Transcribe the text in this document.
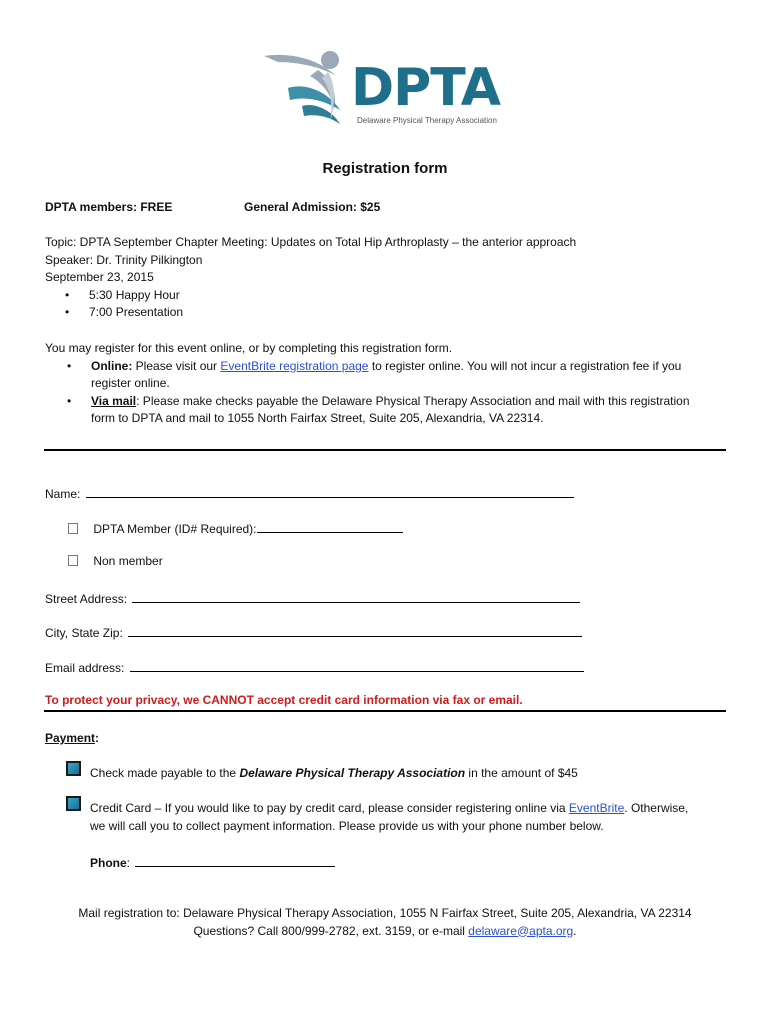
DPTA
Delaware Physical Therapy Association
Registration form
DPTA members: FREE	General Admission: $25
Topic: DPTA September Chapter Meeting: Updates on Total Hip Arthroplasty – the anterior approach
Speaker: Dr. Trinity Pilkington
September 23, 2015
• 5:30 Happy Hour
• 7:00 Presentation
You may register for this event online, or by completing this registration form.
• Online: Please visit our EventBrite registration page to register online. You will not incur a registration fee if you
register online.
• Via mail: Please make checks payable the Delaware Physical Therapy Association and mail with this registration
form to DPTA and mail to 1055 North Fairfax Street, Suite 205, Alexandria, VA 22314.
Name:
DPTA Member (ID# Required):
Non member
Street Address:
City, State Zip:
Email address:
To protect your privacy, we CANNOT accept credit card information via fax or email.
Payment:
Check made payable to the Delaware Physical Therapy Association in the amount of $45
Credit Card – If you would like to pay by credit card, please consider registering online via EventBrite. Otherwise,
we will call you to collect payment information. Please provide us with your phone number below.
Phone:
Mail registration to: Delaware Physical Therapy Association, 1055 N Fairfax Street, Suite 205, Alexandria, VA 22314
Questions? Call 800/999-2782, ext. 3159, or e-mail delaware@apta.org.
